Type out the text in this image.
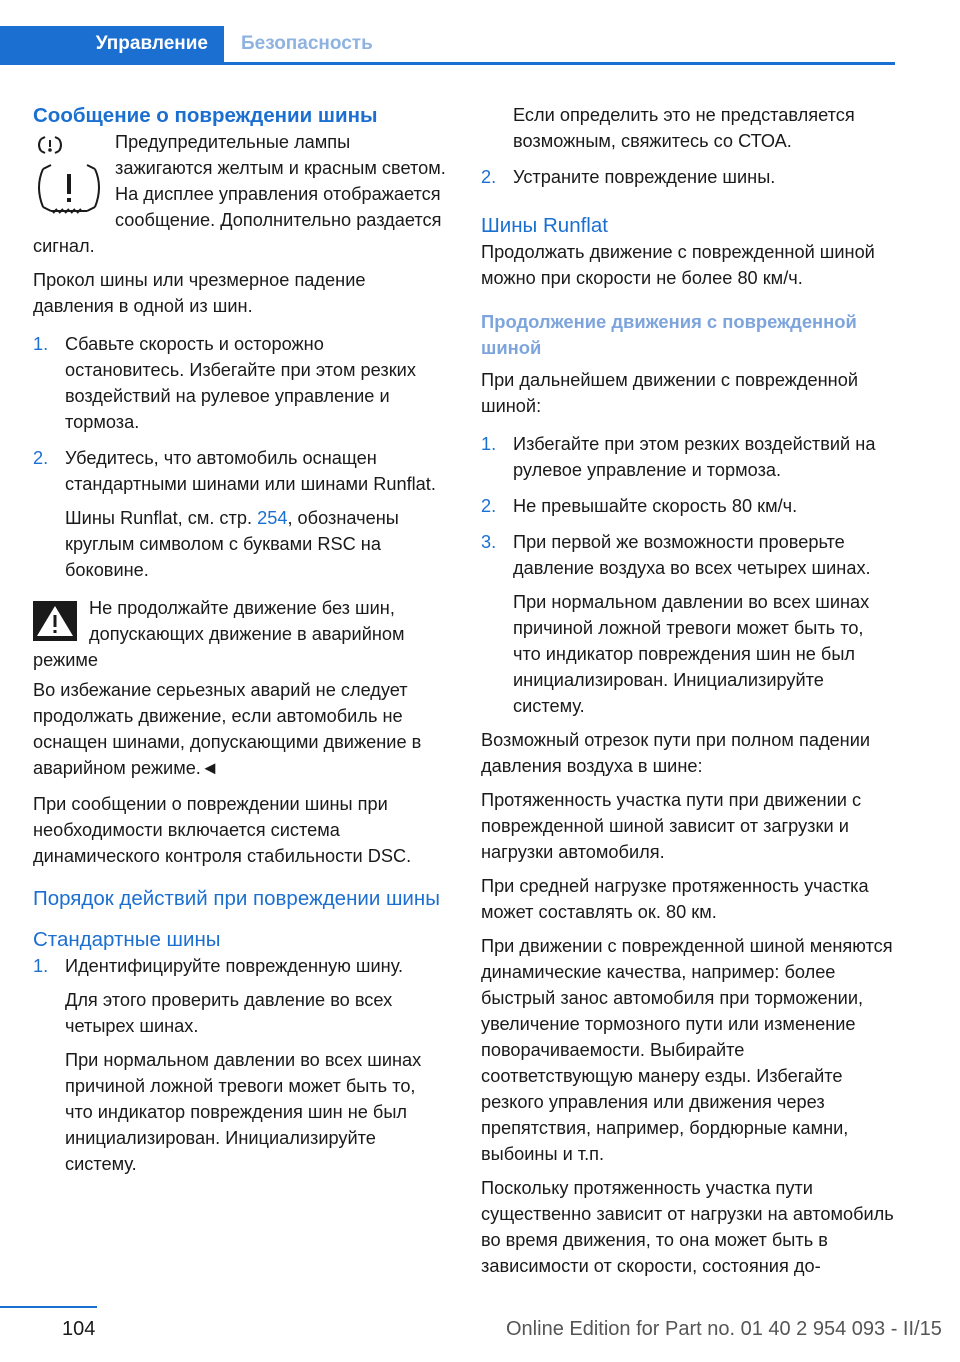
Управление Безопасность
Сообщение о повреждении шины

Предупредительные лампы зажигаются желтым и красным светом. На дисплее управления отображается сообщение. Дополнительно раздается сигнал.

Прокол шины или чрезмерное падение давления в одной из шин.

1. Сбавьте скорость и осторожно остановитесь. Избегайте при этом резких воздействий на рулевое управление и тормоза.
2. Убедитесь, что автомобиль оснащен стандартными шинами или шинами Runflat.

Шины Runflat, см. стр. 254, обозначены круглым символом с буквами RSC на боковине.

Не продолжайте движение без шин, допускающих движение в аварийном режиме

Во избежание серьезных аварий не следует продолжать движение, если автомобиль не оснащен шинами, допускающими движение в аварийном режиме.◄

При сообщении о повреждении шины при необходимости включается система динамического контроля стабильности DSC.

Порядок действий при повреждении шины
Стандартные шины
1. Идентифицируйте поврежденную шину.

Для этого проверить давление во всех четырех шинах.

При нормальном давлении во всех шинах причиной ложной тревоги может быть то, что индикатор повреждения шин не был инициализирован. Инициализируйте систему.

Если определить это не представляется возможным, свяжитесь со СТОА.

2. Устраните повреждение шины.
Шины Runflat

Продолжать движение с поврежденной шиной можно при скорости не более 80 км/ч.

Продолжение движения с поврежденной шиной

При дальнейшем движении с поврежденной шиной:

1. Избегайте при этом резких воздействий на рулевое управление и тормоза.
2. Не превышайте скорость 80 км/ч.
3. При первой же возможности проверьте давление воздуха во всех четырех шинах.

При нормальном давлении во всех шинах причиной ложной тревоги может быть то, что индикатор повреждения шин не был инициализирован. Инициализируйте систему.

Возможный отрезок пути при полном падении давления воздуха в шине:

Протяженность участка пути при движении с поврежденной шиной зависит от загрузки и нагрузки автомобиля.

При средней нагрузке протяженность участка может составлять ок. 80 км.

При движении с поврежденной шиной меняются динамические качества, например: более быстрый занос автомобиля при торможении, увеличение тормозного пути или изменение поворачиваемости. Выбирайте соответствующую манеру езды. Избегайте резкого управления или движения через препятствия, например, бордюрные камни, выбоины и т.п.

Поскольку протяженность участка пути существенно зависит от нагрузки на автомобиль во время движения, то она может быть в зависимости от скорости, состояния до-

104	Online Edition for Part no. 01 40 2 954 093 - II/15
